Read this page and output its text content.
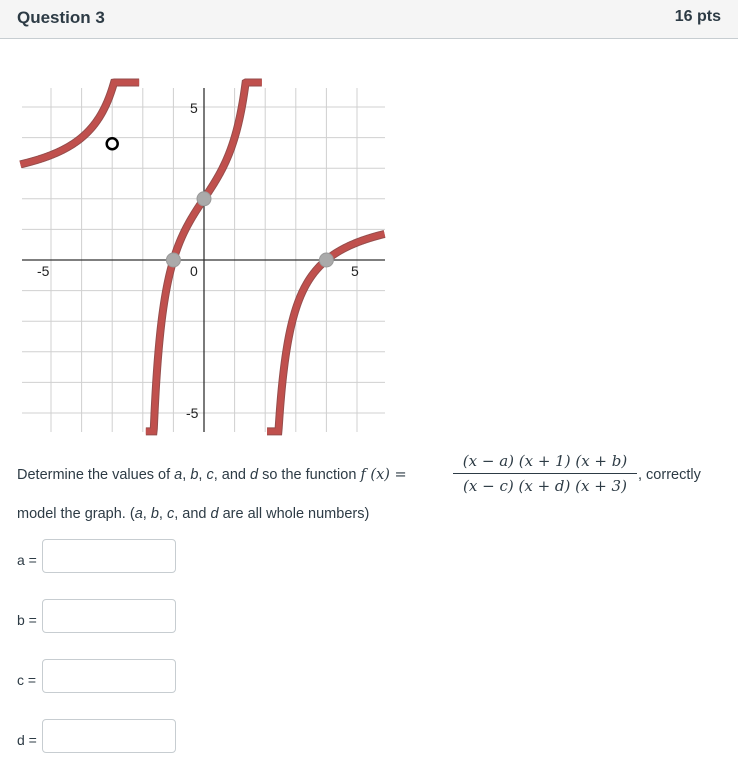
Question 3	16 pts
-5	0	5
5
-5
Determine the values of a, b, c, and d so the function f (x) =
(x − a) (x + 1) (x + b)
(x − c) (x + d) (x + 3)
, correctly
model the graph. (a, b, c, and d are all whole numbers)
a =
b =
c =
d =
